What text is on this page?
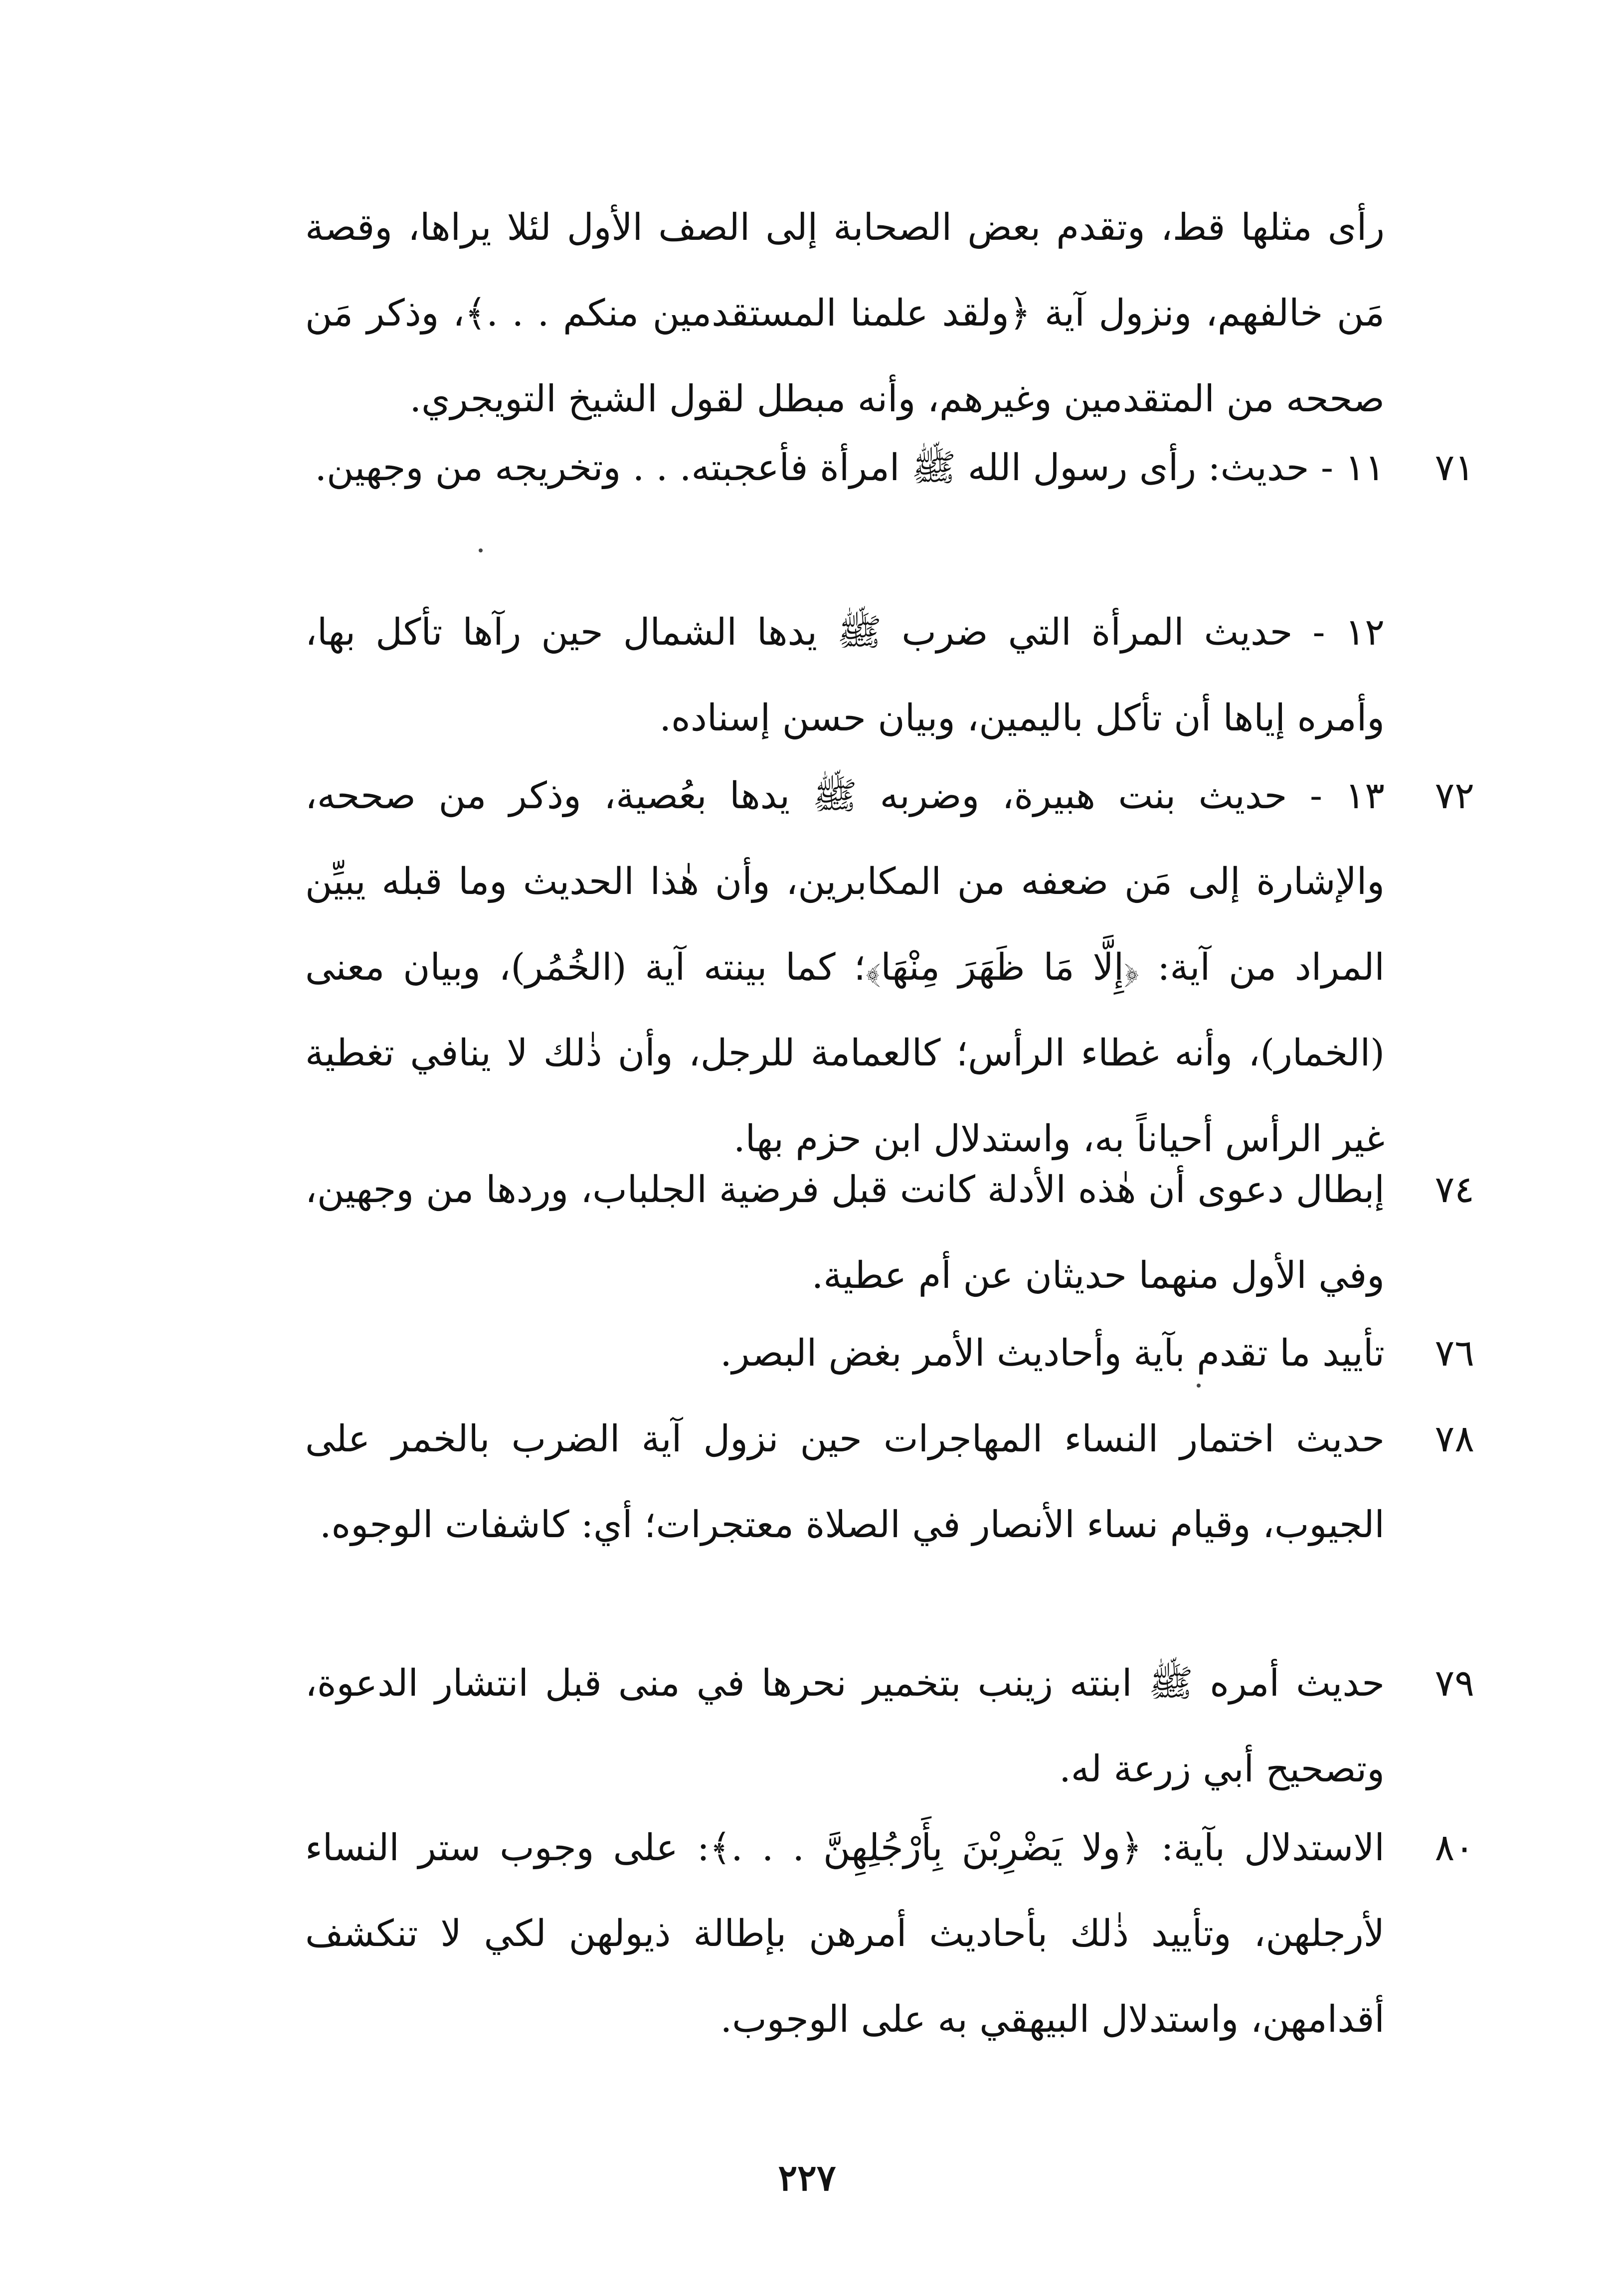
رأى مثلها قط، وتقدم بعض الصحابة إلى الصف الأول لئلا يراها، وقصة مَن خالفهم، ونزول آية ﴿ولقد علمنا المستقدمين منكم . . .﴾، وذكر مَن صححه من المتقدمين وغيرهم، وأنه مبطل لقول الشيخ التويجري.
٧١
١١ - حديث: رأى رسول الله ﷺ امرأة فأعجبته. . . وتخريجه من وجهين.
١٢ - حديث المرأة التي ضرب ﷺ يدها الشمال حين رآها تأكل بها، وأمره إياها أن تأكل باليمين، وبيان حسن إسناده.
٧٢
١٣ - حديث بنت هبيرة، وضربه ﷺ يدها بعُصية، وذكر من صححه، والإشارة إلى مَن ضعفه من المكابرين، وأن هٰذا الحديث وما قبله يبيِّن المراد من آية: ﴿إِلَّا مَا ظَهَرَ مِنْهَا﴾؛ كما بينته آية (الخُمُر)، وبيان معنى (الخمار)، وأنه غطاء الرأس؛ كالعمامة للرجل، وأن ذٰلك لا ينافي تغطية غير الرأس أحياناً به، واستدلال ابن حزم بها.
٧٤
إبطال دعوى أن هٰذه الأدلة كانت قبل فرضية الجلباب، وردها من وجهين، وفي الأول منهما حديثان عن أم عطية.
٧٦
تأييد ما تقدم بآية وأحاديث الأمر بغض البصر.
٧٨
حديث اختمار النساء المهاجرات حين نزول آية الضرب بالخمر على الجيوب، وقيام نساء الأنصار في الصلاة معتجرات؛ أي: كاشفات الوجوه.
٧٩
حديث أمره ﷺ ابنته زينب بتخمير نحرها في منى قبل انتشار الدعوة، وتصحيح أبي زرعة له.
٨٠
الاستدلال بآية: ﴿ولا يَضْرِبْنَ بِأَرْجُلِهِنَّ . . .﴾: على وجوب ستر النساء لأرجلهن، وتأييد ذٰلك بأحاديث أمرهن بإطالة ذيولهن لكي لا تنكشف أقدامهن، واستدلال البيهقي به على الوجوب.
٢٢٧
